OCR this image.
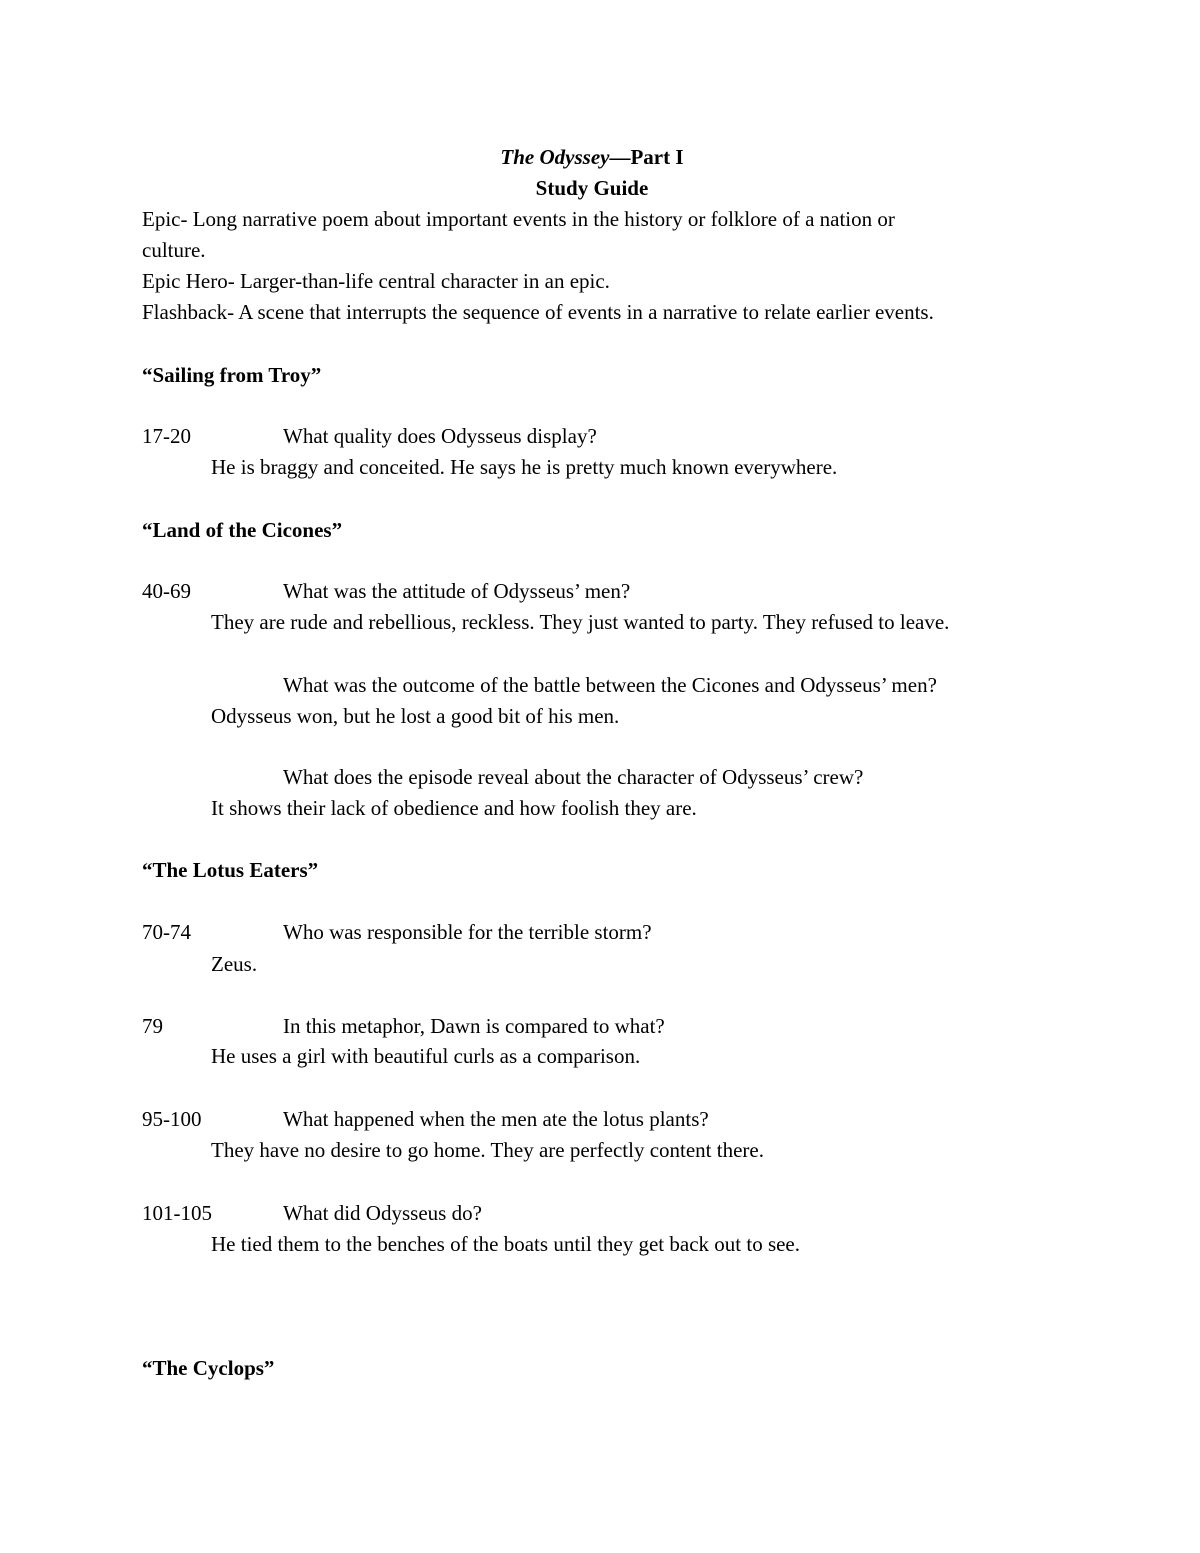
The Odyssey—Part I
Study Guide
Epic- Long narrative poem about important events in the history or folklore of a nation or
culture.
Epic Hero- Larger-than-life central character in an epic.
Flashback- A scene that interrupts the sequence of events in a narrative to relate earlier events.
“Sailing from Troy”
17-20	What quality does Odysseus display?
He is braggy and conceited. He says he is pretty much known everywhere.
“Land of the Cicones”
40-69	What was the attitude of Odysseus’ men?
They are rude and rebellious, reckless. They just wanted to party. They refused to leave.
What was the outcome of the battle between the Cicones and Odysseus’ men?
Odysseus won, but he lost a good bit of his men.
What does the episode reveal about the character of Odysseus’ crew?
It shows their lack of obedience and how foolish they are.
“The Lotus Eaters”
70-74	Who was responsible for the terrible storm?
Zeus.
79	In this metaphor, Dawn is compared to what?
He uses a girl with beautiful curls as a comparison.
95-100	What happened when the men ate the lotus plants?
They have no desire to go home. They are perfectly content there.
101-105	What did Odysseus do?
He tied them to the benches of the boats until they get back out to see.
“The Cyclops”
